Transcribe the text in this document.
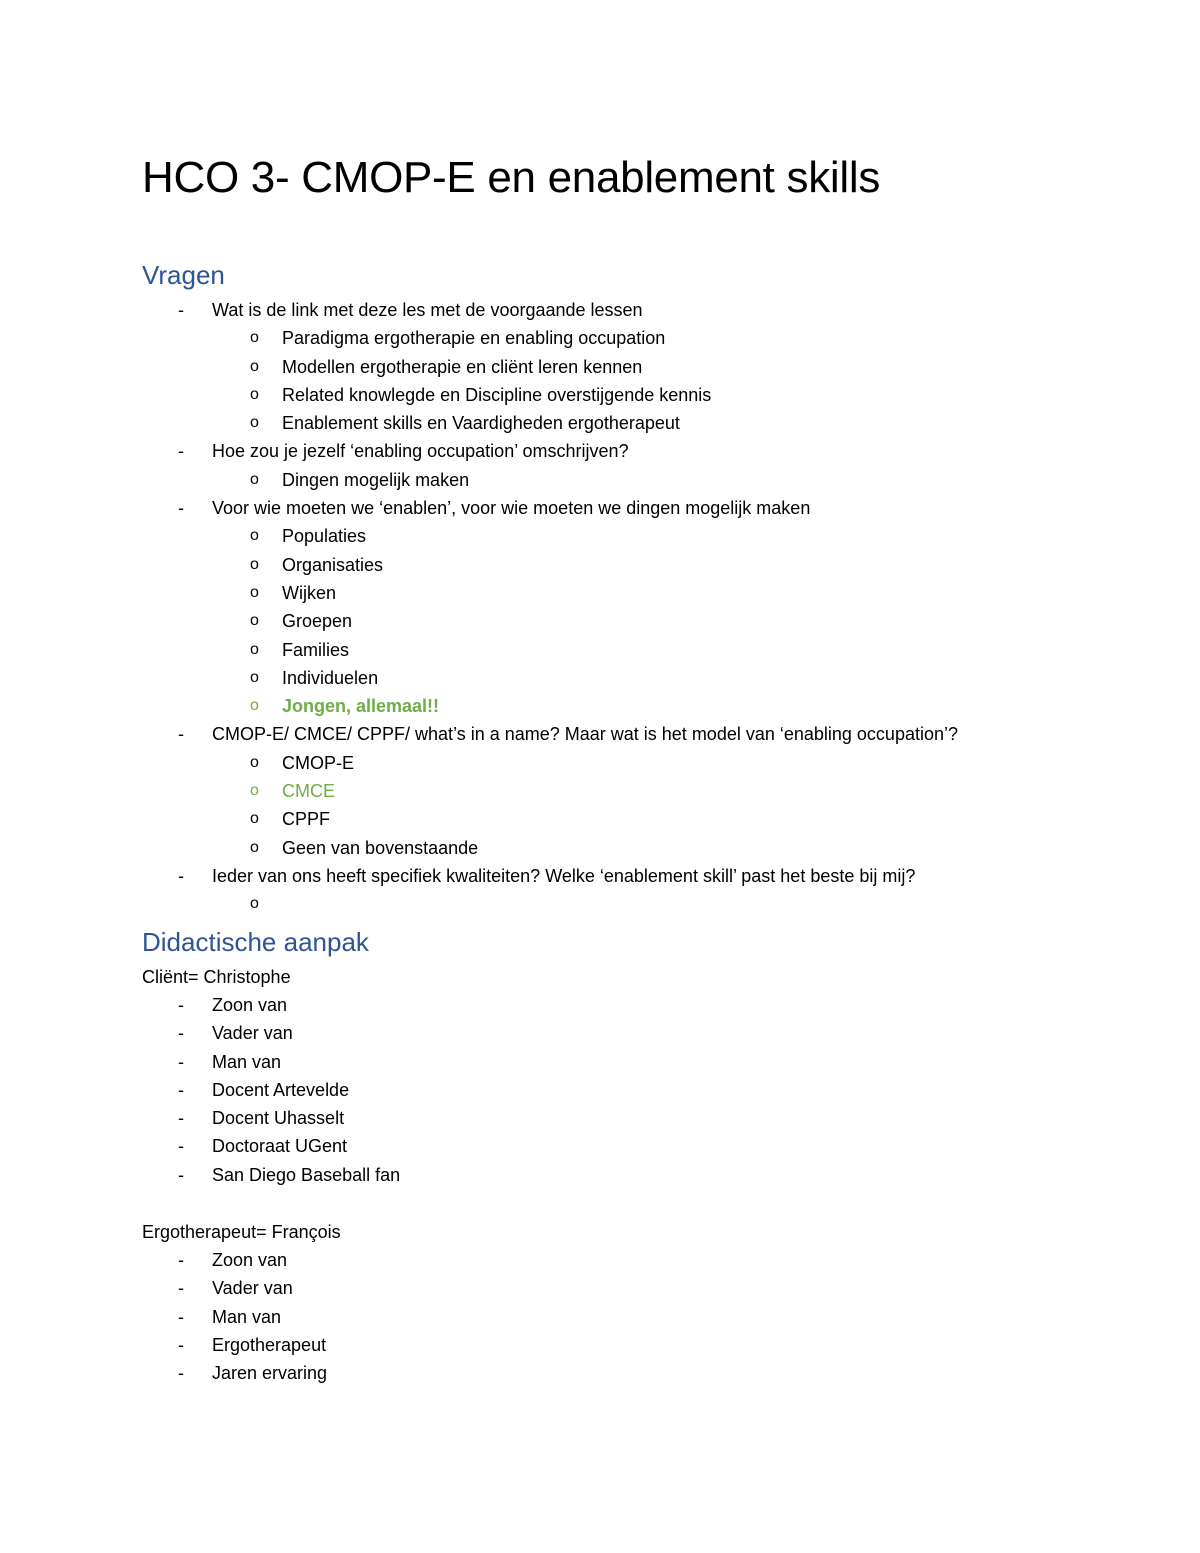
HCO 3- CMOP-E en enablement skills
Vragen
- Wat is de link met deze les met de voorgaande lessen
o Paradigma ergotherapie en enabling occupation
o Modellen ergotherapie en cliënt leren kennen
o Related knowlegde en Discipline overstijgende kennis
o Enablement skills en Vaardigheden ergotherapeut
- Hoe zou je jezelf ‘enabling occupation’ omschrijven?
o Dingen mogelijk maken
- Voor wie moeten we ‘enablen’, voor wie moeten we dingen mogelijk maken
o Populaties
o Organisaties
o Wijken
o Groepen
o Families
o Individuelen
o Jongen, allemaal!!
- CMOP-E/ CMCE/ CPPF/ what’s in a name? Maar wat is het model van ‘enabling occupation’?
o CMOP-E
o CMCE
o CPPF
o Geen van bovenstaande
- Ieder van ons heeft specifiek kwaliteiten? Welke ‘enablement skill’ past het beste bij mij?
o
Didactische aanpak

Cliënt= Christophe

- Zoon van
- Vader van
- Man van
- Docent Artevelde
- Docent Uhasselt
- Doctoraat UGent
- San Diego Baseball fan

Ergotherapeut= François

- Zoon van
- Vader van
- Man van
- Ergotherapeut
- Jaren ervaring
